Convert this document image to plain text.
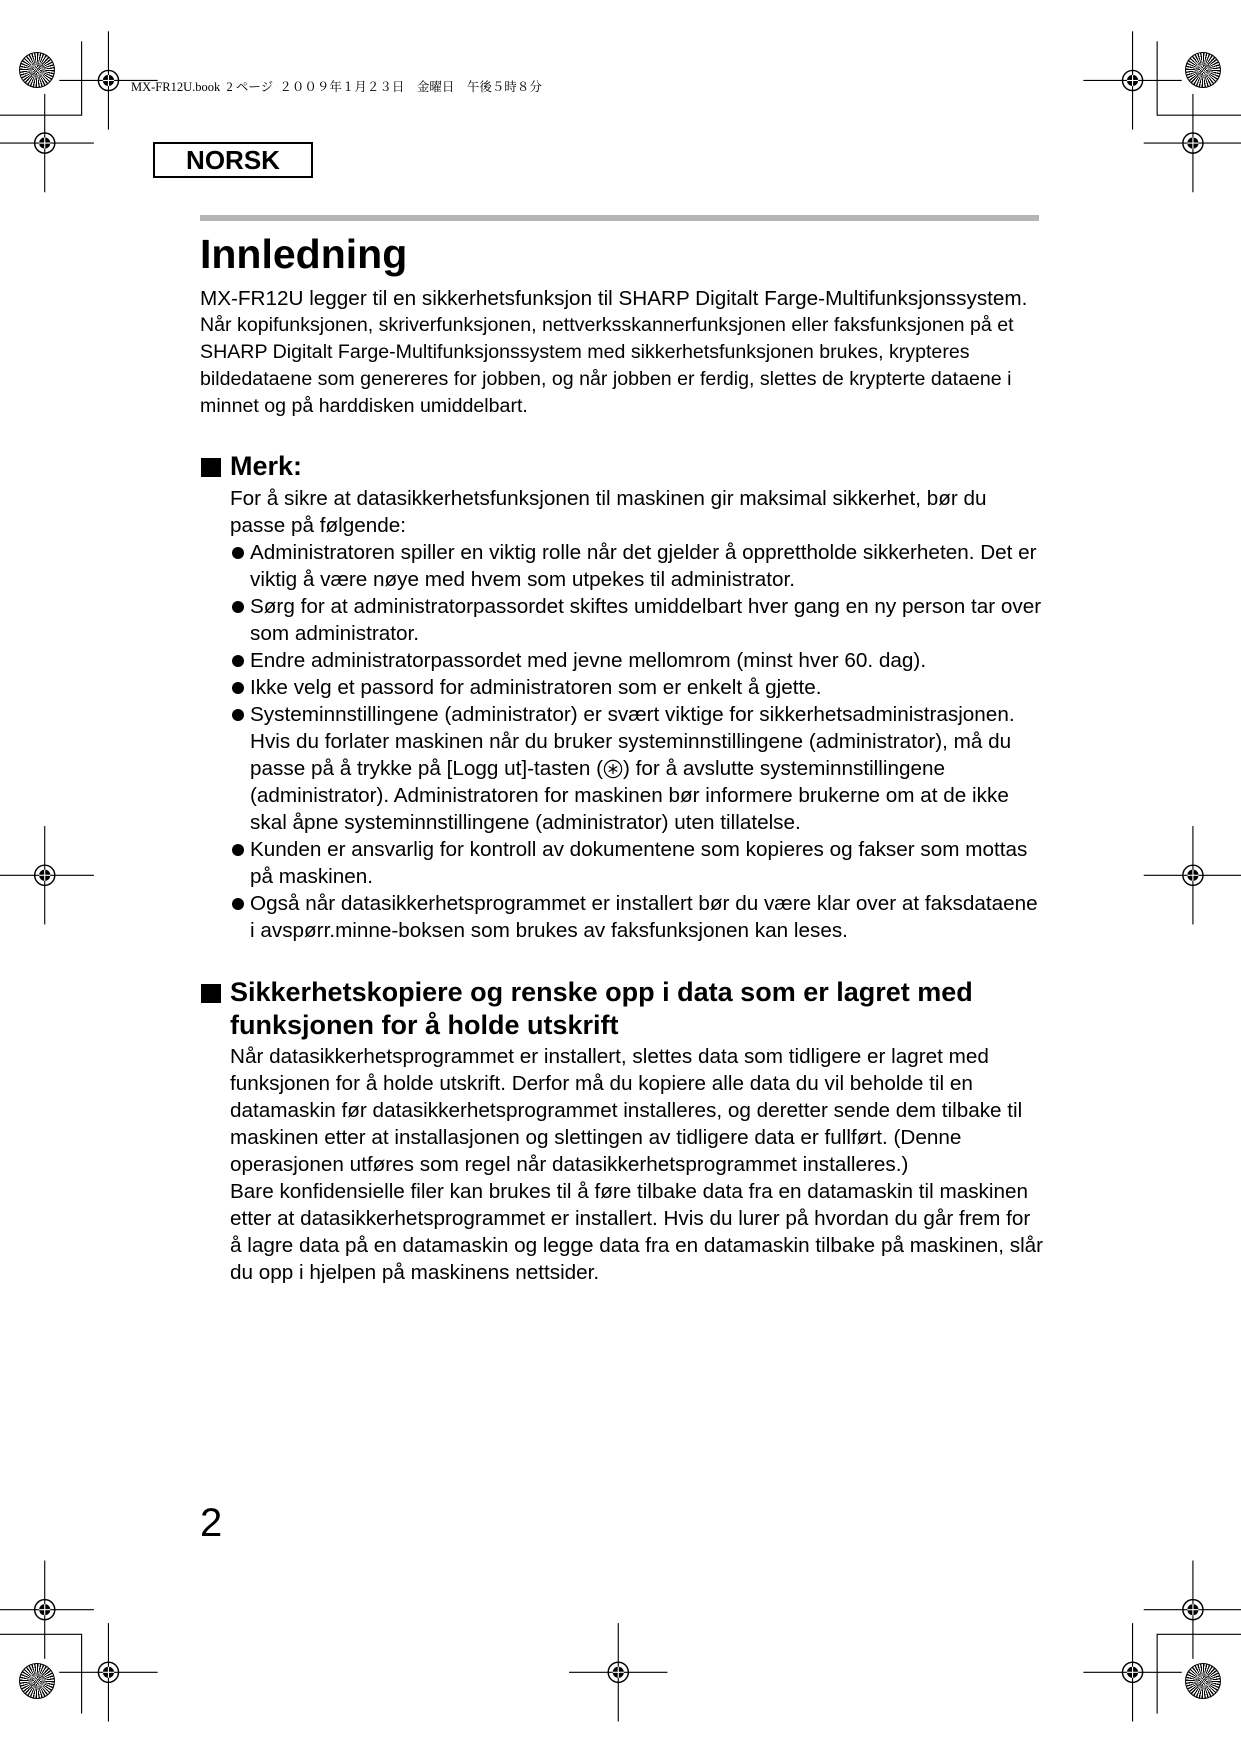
MX-FR12U.book  2 ページ  ２００９年１月２３日　金曜日　午後５時８分
NORSK
Innledning
MX-FR12U legger til en sikkerhetsfunksjon til SHARP Digitalt Farge-Multifunksjonssystem.
Når kopifunksjonen, skriverfunksjonen, nettverksskannerfunksjonen eller faksfunksjonen på et
SHARP Digitalt Farge-Multifunksjonssystem med sikkerhetsfunksjonen brukes, krypteres
bildedataene som genereres for jobben, og når jobben er ferdig, slettes de krypterte dataene i
minnet og på harddisken umiddelbart.
Merk:
For å sikre at datasikkerhetsfunksjonen til maskinen gir maksimal sikkerhet, bør du
passe på følgende:
Administratoren spiller en viktig rolle når det gjelder å opprettholde sikkerheten. Det er
viktig å være nøye med hvem som utpekes til administrator.
Sørg for at administratorpassordet skiftes umiddelbart hver gang en ny person tar over
som administrator.
Endre administratorpassordet med jevne mellomrom (minst hver 60. dag).
Ikke velg et passord for administratoren som er enkelt å gjette.
Systeminnstillingene (administrator) er svært viktige for sikkerhetsadministrasjonen.
Hvis du forlater maskinen når du bruker systeminnstillingene (administrator), må du
passe på å trykke på [Logg ut]-tasten ( ) for å avslutte systeminnstillingene
(administrator). Administratoren for maskinen bør informere brukerne om at de ikke
skal åpne systeminnstillingene (administrator) uten tillatelse.
Kunden er ansvarlig for kontroll av dokumentene som kopieres og fakser som mottas
på maskinen.
Også når datasikkerhetsprogrammet er installert bør du være klar over at faksdataene
i avspørr.minne-boksen som brukes av faksfunksjonen kan leses.
Sikkerhetskopiere og renske opp i data som er lagret med
funksjonen for å holde utskrift
Når datasikkerhetsprogrammet er installert, slettes data som tidligere er lagret med
funksjonen for å holde utskrift. Derfor må du kopiere alle data du vil beholde til en
datamaskin før datasikkerhetsprogrammet installeres, og deretter sende dem tilbake til
maskinen etter at installasjonen og slettingen av tidligere data er fullført. (Denne
operasjonen utføres som regel når datasikkerhetsprogrammet installeres.)
Bare konfidensielle filer kan brukes til å føre tilbake data fra en datamaskin til maskinen
etter at datasikkerhetsprogrammet er installert. Hvis du lurer på hvordan du går frem for
å lagre data på en datamaskin og legge data fra en datamaskin tilbake på maskinen, slår
du opp i hjelpen på maskinens nettsider.
2
